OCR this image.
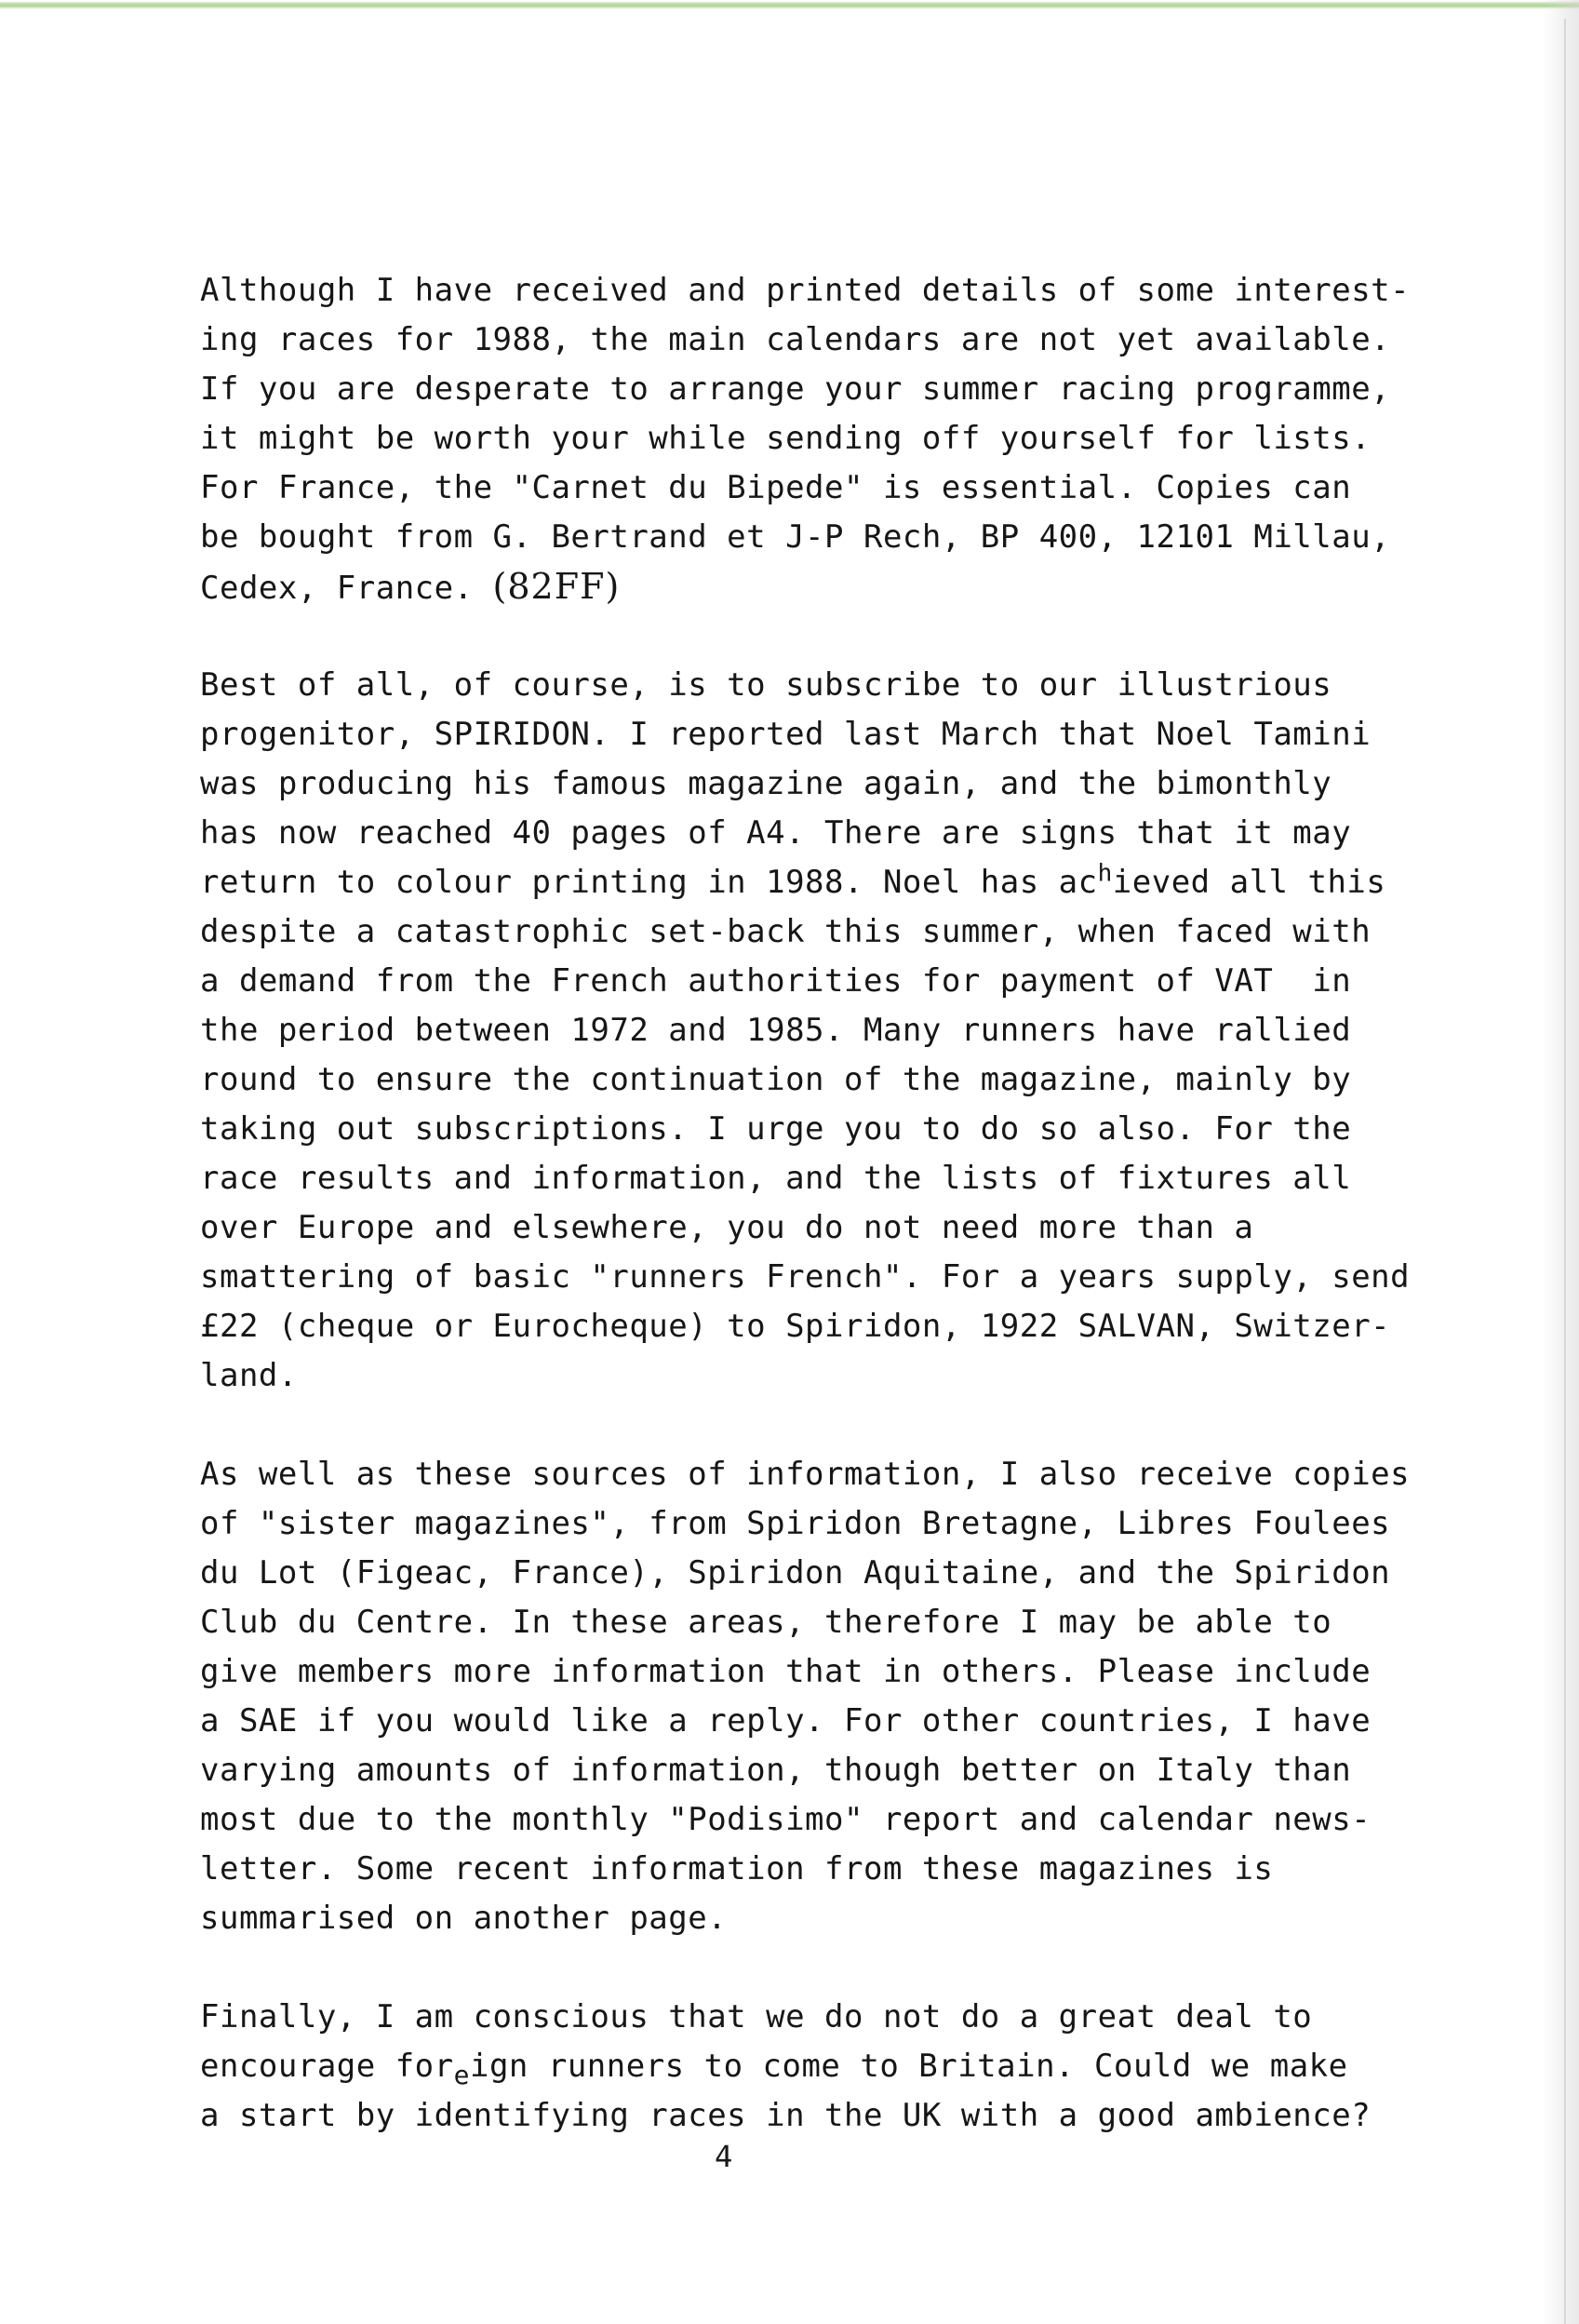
Although I have received and printed details of some interest-
ing races for 1988, the main calendars are not yet available.
If you are desperate to arrange your summer racing programme,
it might be worth your while sending off yourself for lists.
For France, the "Carnet du Bipede" is essential. Copies can
be bought from G. Bertrand et J-P Rech, BP 400, 12101 Millau,
Cedex, France. (82FF)
Best of all, of course, is to subscribe to our illustrious
progenitor, SPIRIDON. I reported last March that Noel Tamini
was producing his famous magazine again, and the bimonthly
has now reached 40 pages of A4. There are signs that it may
return to colour printing in 1988. Noel has $ac^hieved$ all this
despite a catastrophic set-back this summer, when faced with
a demand from the French authorities for payment of VAT  in
the period between 1972 and 1985. Many runners have rallied
round to ensure the continuation of the magazine, mainly by
taking out subscriptions. I urge you to do so also. For the
race results and information, and the lists of fixtures all
over Europe and elsewhere, you do not need more than a
smattering of basic "runners French". For a years supply, send
£22 (cheque or Eurocheque) to Spiridon, 1922 SALVAN, Switzer-
land.
As well as these sources of information, I also receive copies
of "sister magazines", from Spiridon Bretagne, Libres Foulees
du Lot (Figeac, France), Spiridon Aquitaine, and the Spiridon
Club du Centre. In these areas, therefore I may be able to
give members more information that in others. Please include
a SAE if you would like a reply. For other countries, I have
varying amounts of information, though better on Italy than
most due to the monthly "Podisimo" report and calendar news-
letter. Some recent information from these magazines is
summarised on another page.
Finally, I am conscious that we do not do a great deal to
encourage for$_e$ign runners to come to Britain. Could we make
a start by identifying races in the UK with a good ambience?
4
